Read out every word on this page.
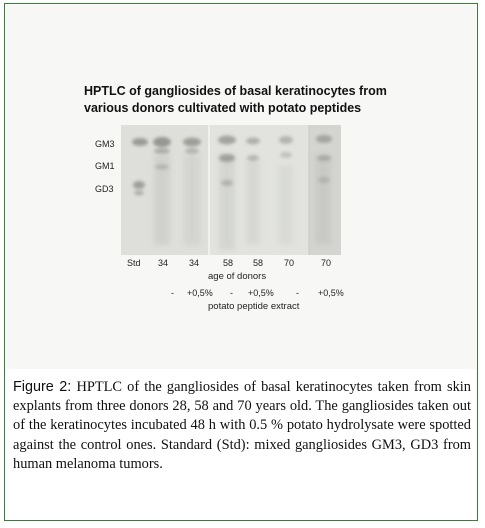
HPTLC of gangliosides of basal keratinocytes from
various donors cultivated with potato peptides
GM3
GM1
GD3
Std 34 34	58 58 70	70
age of donors
- +0,5% - +0,5% - +0,5%
potato peptide extract
Figure 2: HPTLC of the gangliosides of basal keratinocytes taken from skin explants from three donors 28, 58 and 70 years old. The gangliosides taken out of the keratinocytes incubated 48 h with 0.5 % potato hydrolysate were spotted against the control ones. Standard (Std): mixed gangliosides GM3, GD3 from human melanoma tumors.
